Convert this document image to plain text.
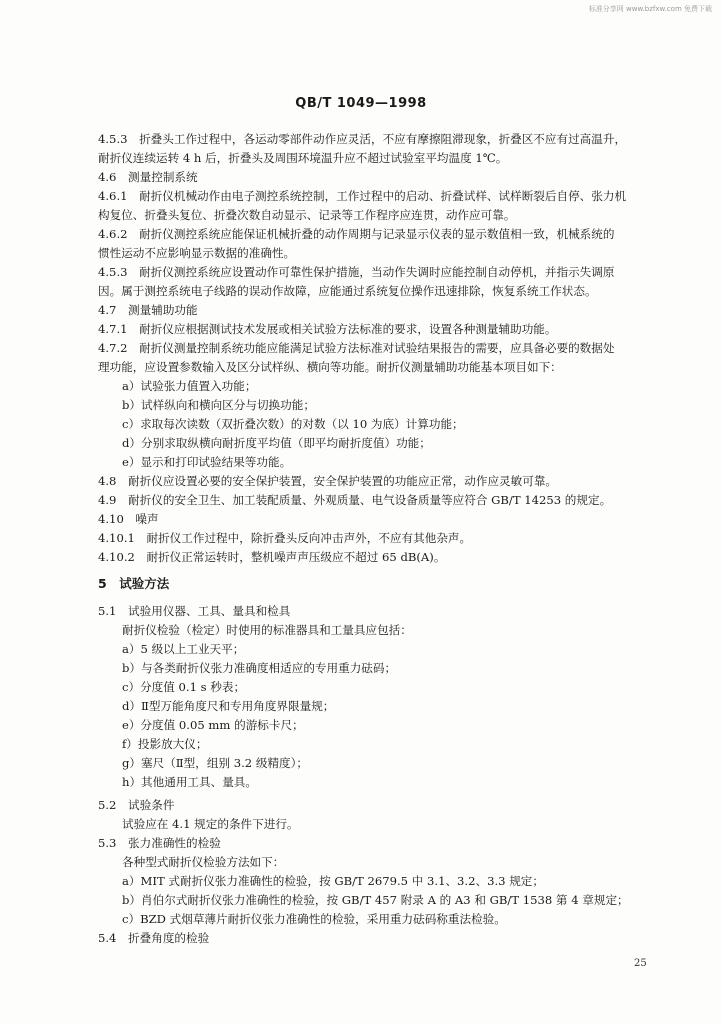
标准分享网 www.bzfxw.com 免费下载
QB/T 1049—1998
4.5.3　折叠头工作过程中，各运动零部件动作应灵活，不应有摩擦阻滞现象，折叠区不应有过高温升，
耐折仪连续运转 4 h 后，折叠头及周围环境温升应不超过试验室平均温度 1℃。
4.6　测量控制系统
4.6.1　耐折仪机械动作由电子测控系统控制，工作过程中的启动、折叠试样、试样断裂后自停、张力机
构复位、折叠头复位、折叠次数自动显示、记录等工作程序应连贯，动作应可靠。
4.6.2　耐折仪测控系统应能保证机械折叠的动作周期与记录显示仪表的显示数值相一致，机械系统的
惯性运动不应影响显示数据的准确性。
4.5.3　耐折仪测控系统应设置动作可靠性保护措施，当动作失调时应能控制自动停机，并指示失调原
因。属于测控系统电子线路的误动作故障，应能通过系统复位操作迅速排除，恢复系统工作状态。
4.7　测量辅助功能
4.7.1　耐折仪应根据测试技术发展或相关试验方法标准的要求，设置各种测量辅助功能。
4.7.2　耐折仪测量控制系统功能应能满足试验方法标准对试验结果报告的需要，应具备必要的数据处
理功能，应设置参数输入及区分试样纵、横向等功能。耐折仪测量辅助功能基本项目如下：
a）试验张力值置入功能；
b）试样纵向和横向区分与切换功能；
c）求取每次读数（双折叠次数）的对数（以 10 为底）计算功能；
d）分别求取纵横向耐折度平均值（即平均耐折度值）功能；
e）显示和打印试验结果等功能。
4.8　耐折仪应设置必要的安全保护装置，安全保护装置的功能应正常，动作应灵敏可靠。
4.9　耐折仪的安全卫生、加工装配质量、外观质量、电气设备质量等应符合 GB/T 14253 的规定。
4.10　噪声
4.10.1　耐折仪工作过程中，除折叠头反向冲击声外，不应有其他杂声。
4.10.2　耐折仪正常运转时，整机噪声声压级应不超过 65 dB(A)。
5　试验方法
5.1　试验用仪器、工具、量具和检具
耐折仪检验（检定）时使用的标准器具和工量具应包括：
a）5 级以上工业天平；
b）与各类耐折仪张力准确度相适应的专用重力砝码；
c）分度值 0.1 s 秒表；
d）Ⅱ型万能角度尺和专用角度界限量规；
e）分度值 0.05 mm 的游标卡尺；
f）投影放大仪；
g）塞尺（Ⅱ型，组别 3.2 级精度）；
h）其他通用工具、量具。
5.2　试验条件
试验应在 4.1 规定的条件下进行。
5.3　张力准确性的检验
各种型式耐折仪检验方法如下：
a）MIT 式耐折仪张力准确性的检验，按 GB/T 2679.5 中 3.1、3.2、3.3 规定；
b）肖伯尔式耐折仪张力准确性的检验，按 GB/T 457 附录 A 的 A3 和 GB/T 1538 第 4 章规定；
c）BZD 式烟草薄片耐折仪张力准确性的检验，采用重力砝码称重法检验。
5.4　折叠角度的检验
25
